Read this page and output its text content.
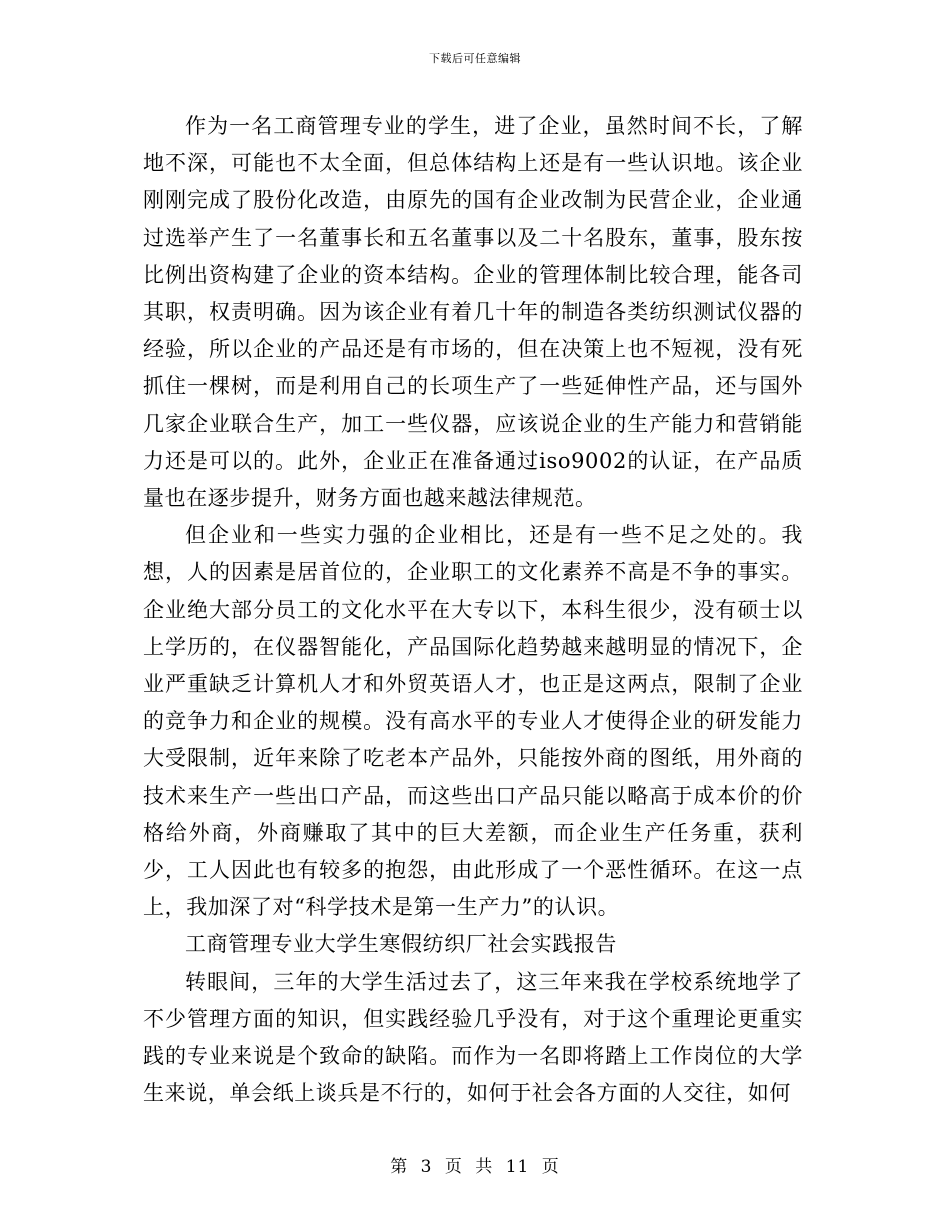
下载后可任意编辑

作为一名工商管理专业的学生，进了企业，虽然时间不长，了解地不深，可能也不太全面，但总体结构上还是有一些认识地。该企业刚刚完成了股份化改造，由原先的国有企业改制为民营企业，企业通过选举产生了一名董事长和五名董事以及二十名股东，董事，股东按比例出资构建了企业的资本结构。企业的管理体制比较合理，能各司其职，权责明确。因为该企业有着几十年的制造各类纺织测试仪器的经验，所以企业的产品还是有市场的，但在决策上也不短视，没有死抓住一棵树，而是利用自己的长项生产了一些延伸性产品，还与国外几家企业联合生产，加工一些仪器，应该说企业的生产能力和营销能力还是可以的。此外，企业正在准备通过iso9002的认证，在产品质量也在逐步提升，财务方面也越来越法律规范。

但企业和一些实力强的企业相比，还是有一些不足之处的。我想，人的因素是居首位的，企业职工的文化素养不高是不争的事实。企业绝大部分员工的文化水平在大专以下，本科生很少，没有硕士以上学历的，在仪器智能化，产品国际化趋势越来越明显的情况下，企业严重缺乏计算机人才和外贸英语人才，也正是这两点，限制了企业的竞争力和企业的规模。没有高水平的专业人才使得企业的研发能力大受限制，近年来除了吃老本产品外，只能按外商的图纸，用外商的技术来生产一些出口产品，而这些出口产品只能以略高于成本价的价格给外商，外商赚取了其中的巨大差额，而企业生产任务重，获利少，工人因此也有较多的抱怨，由此形成了一个恶性循环。在这一点上，我加深了对“科学技术是第一生产力”的认识。

工商管理专业大学生寒假纺织厂社会实践报告

转眼间，三年的大学生活过去了，这三年来我在学校系统地学了不少管理方面的知识，但实践经验几乎没有，对于这个重理论更重实践的专业来说是个致命的缺陷。而作为一名即将踏上工作岗位的大学生来说，单会纸上谈兵是不行的，如何于社会各方面的人交往，如何

第 3 页 共 11 页
